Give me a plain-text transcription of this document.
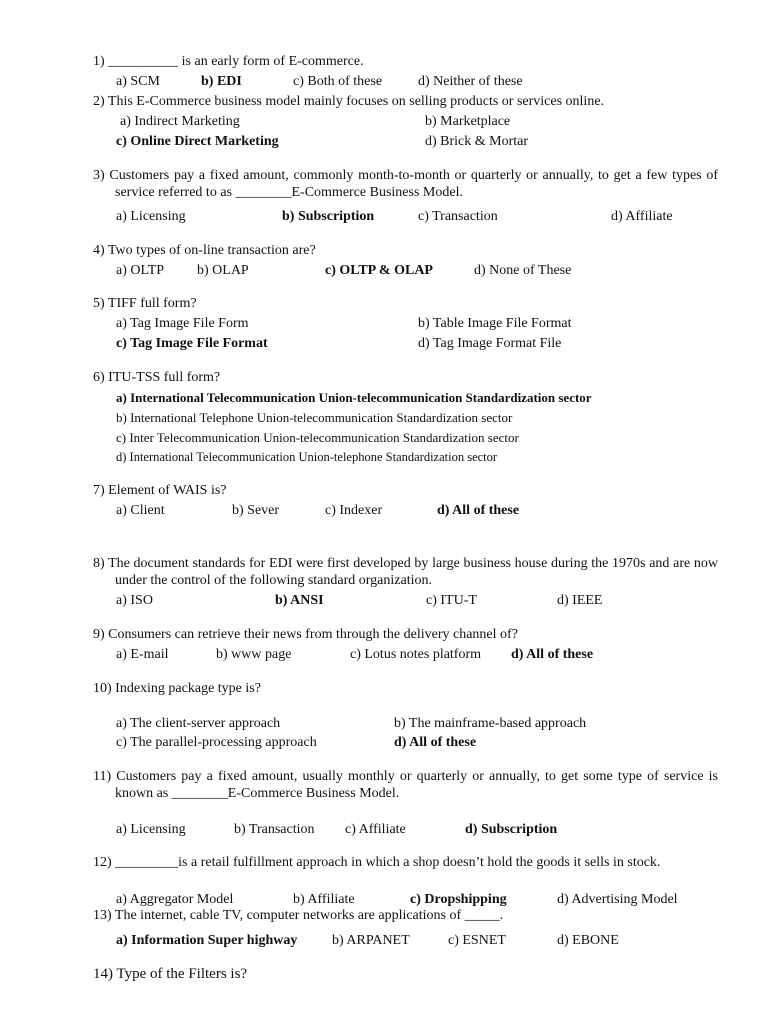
1) __________ is an early form of E-commerce.
a) SCM	b) EDI	c) Both of these	d) Neither of these
2) This E-Commerce business model mainly focuses on selling products or services online.
a) Indirect Marketing	b) Marketplace
c) Online Direct Marketing	d) Brick & Mortar
3) Customers pay a fixed amount, commonly month-to-month or quarterly or annually, to get a few types of service referred to as ________E-Commerce Business Model.
a) Licensing	b) Subscription	c) Transaction	d) Affiliate
4) Two types of on-line transaction are?
a) OLTP b) OLAP	c) OLTP & OLAP	d) None of These
5) TIFF full form?
a) Tag Image File Form	b) Table Image File Format
c) Tag Image File Format	d) Tag Image Format File
6) ITU-TSS full form?
a) International Telecommunication Union-telecommunication Standardization sector
b) International Telephone Union-telecommunication Standardization sector
c) Inter Telecommunication Union-telecommunication Standardization sector
d) International Telecommunication Union-telephone Standardization sector
7) Element of WAIS is?
a) Client	b) Sever	c) Indexer	d) All of these
8) The document standards for EDI were first developed by large business house during the 1970s and are now under the control of the following standard organization.
a) ISO	b) ANSI	c) ITU-T	d) IEEE
9) Consumers can retrieve their news from through the delivery channel of?
a) E-mail	b) www page	c) Lotus notes platform d) All of these
10) Indexing package type is?
a) The client-server approach	b) The mainframe-based approach
c) The parallel-processing approach	d) All of these
11) Customers pay a fixed amount, usually monthly or quarterly or annually, to get some type of service is known as ________E-Commerce Business Model.
a) Licensing	b) Transaction c) Affiliate	d) Subscription
12) _________is a retail fulfillment approach in which a shop doesn’t hold the goods it sells in stock.
a) Aggregator Model	b) Affiliate	c) Dropshipping	d) Advertising Model
13) The internet, cable TV, computer networks are applications of _____.
a) Information Super highway b) ARPANET	c) ESNET	d) EBONE
14) Type of the Filters is?
